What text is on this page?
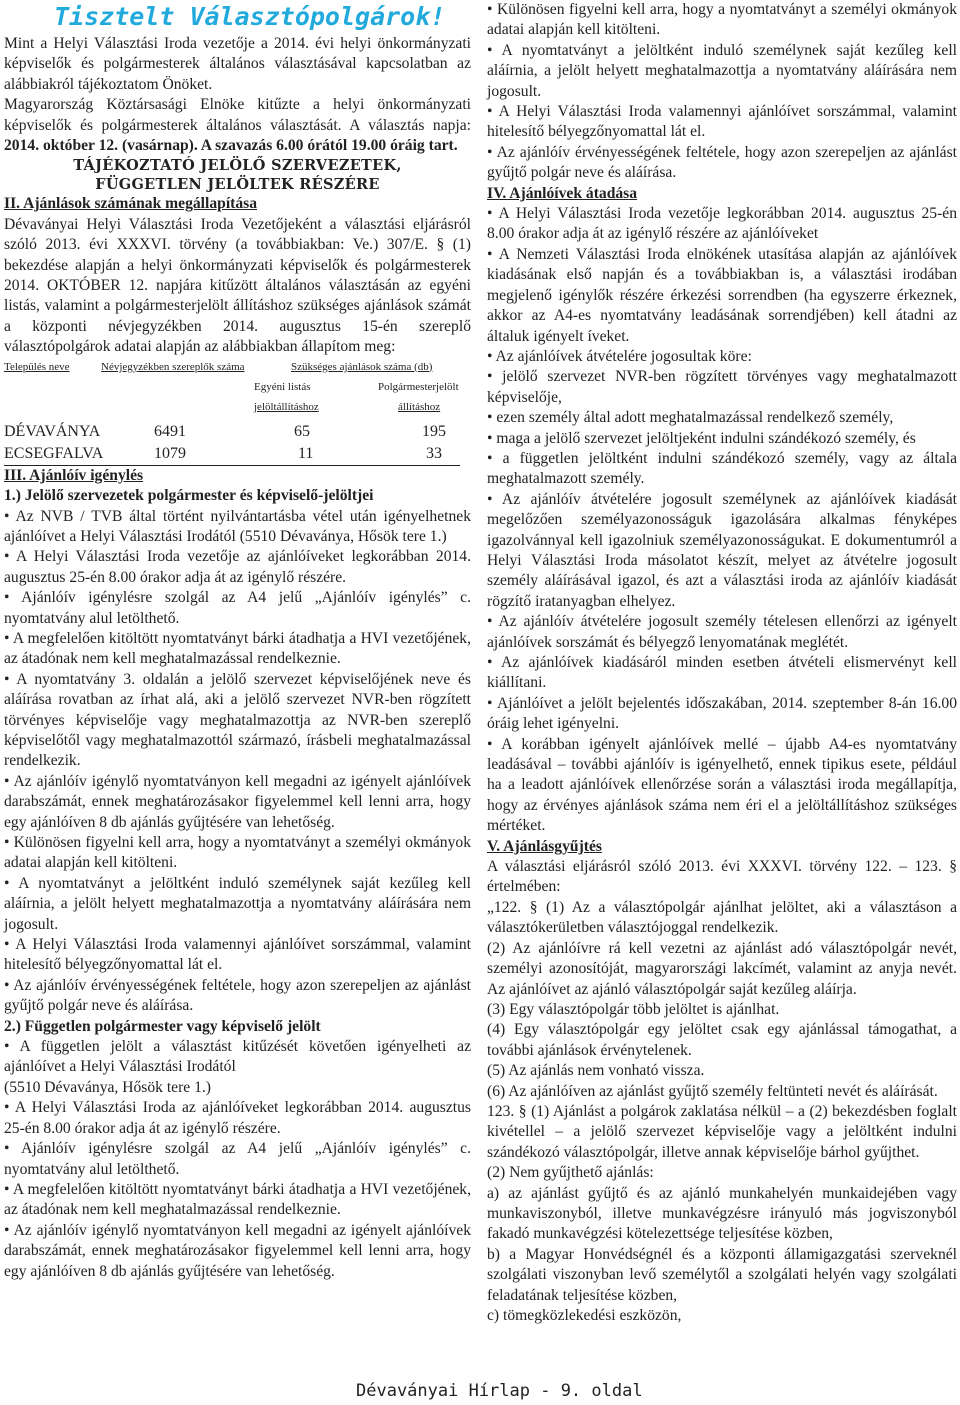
Tisztelt Választópolgárok!

Mint a Helyi Választási Iroda vezetője a 2014. évi helyi önkormányzati képviselők és polgármesterek általános választásával kapcsolatban az alábbiakról tájékoztatom Önöket.

Magyarország Köztársasági Elnöke kitűzte a helyi önkormányzati képviselők és polgármesterek általános választását. A választás napja: 2014. október 12. (vasárnap). A szavazás 6.00 órától 19.00 óráig tart.

TÁJÉKOZTATÓ JELÖLŐ SZERVEZETEK,

FÜGGETLEN JELÖLTEK RÉSZÉRE

II. Ajánlások számának megállapítása

Dévaványai Helyi Választási Iroda Vezetőjeként a választási eljárásról szóló 2013. évi XXXVI. törvény (a továbbiakban: Ve.) 307/E. § (1) bekezdése alapján a helyi önkormányzati képviselők és polgármesterek 2014. OKTÓBER 12. napjára kitűzött általános választásán az egyéni listás, valamint a polgármesterjelölt állításhoz szükséges ajánlások számát a központi névjegyzékben 2014. augusztus 15-én szereplő választópolgárok adatai alapján az alábbiakban állapítom meg:

Település neve	Névjegyzékben szereplők száma	Szükséges ajánlások száma (db)
Egyéni listás	Polgármesterjelölt
jelöltállításhoz	állításhoz
DÉVAVÁNYA	6491	65	195
ECSEGFALVA	1079	11	33

III. Ajánlóív igénylés

1.) Jelölő szervezetek polgármester és képviselő-jelöltjei

• Az NVB / TVB által történt nyilvántartásba vétel után igényelhetnek ajánlóívet a Helyi Választási Irodától (5510 Dévaványa, Hősök tere 1.)

• A Helyi Választási Iroda vezetője az ajánlóíveket legkorábban 2014. augusztus 25-én 8.00 órakor adja át az igénylő részére.

• Ajánlóív igénylésre szolgál az A4 jelű „Ajánlóív igénylés” c. nyomtatvány alul letölthető.

• A megfelelően kitöltött nyomtatványt bárki átadhatja a HVI vezetőjének, az átadónak nem kell meghatalmazással rendelkeznie.

• A nyomtatvány 3. oldalán a jelölő szervezet képviselőjének neve és aláírása rovatban az írhat alá, aki a jelölő szervezet NVR-ben rögzített törvényes képviselője vagy meghatalmazottja az NVR-ben szereplő képviselőtől vagy meghatalmazottól származó, írásbeli meghatalmazással rendelkezik.

• Az ajánlóív igénylő nyomtatványon kell megadni az igényelt ajánlóívek darabszámát, ennek meghatározásakor figyelemmel kell lenni arra, hogy egy ajánlóíven 8 db ajánlás gyűjtésére van lehetőség.

• Különösen figyelni kell arra, hogy a nyomtatványt a személyi okmányok adatai alapján kell kitölteni.

• A nyomtatványt a jelöltként induló személynek saját kezűleg kell aláírnia, a jelölt helyett meghatalmazottja a nyomtatvány aláírására nem jogosult.

• A Helyi Választási Iroda valamennyi ajánlóívet sorszámmal, valamint hitelesítő bélyegzőnyomattal lát el.

• Az ajánlóív érvényességének feltétele, hogy azon szerepeljen az ajánlást gyűjtő polgár neve és aláírása.

2.) Független polgármester vagy képviselő jelölt

• A független jelölt a választást kitűzését követően igényelheti az ajánlóívet a Helyi Választási Irodától

(5510 Dévaványa, Hősök tere 1.)

• A Helyi Választási Iroda az ajánlóíveket legkorábban 2014. augusztus 25-én 8.00 órakor adja át az igénylő részére.

• Ajánlóív igénylésre szolgál az A4 jelű „Ajánlóív igénylés” c. nyomtatvány alul letölthető.

• A megfelelően kitöltött nyomtatványt bárki átadhatja a HVI vezetőjének, az átadónak nem kell meghatalmazással rendelkeznie.

• Az ajánlóív igénylő nyomtatványon kell megadni az igényelt ajánlóívek darabszámát, ennek meghatározásakor figyelemmel kell lenni arra, hogy egy ajánlóíven 8 db ajánlás gyűjtésére van lehetőség.

• Különösen figyelni kell arra, hogy a nyomtatványt a személyi okmányok adatai alapján kell kitölteni.

• A nyomtatványt a jelöltként induló személynek saját kezűleg kell aláírnia, a jelölt helyett meghatalmazottja a nyomtatvány aláírására nem jogosult.

• A Helyi Választási Iroda valamennyi ajánlóívet sorszámmal, valamint hitelesítő bélyegzőnyomattal lát el.

• Az ajánlóív érvényességének feltétele, hogy azon szerepeljen az ajánlást gyűjtő polgár neve és aláírása.

IV. Ajánlóívek átadása

• A Helyi Választási Iroda vezetője legkorábban 2014. augusztus 25-én 8.00 órakor adja át az igénylő részére az ajánlóíveket

• A Nemzeti Választási Iroda elnökének utasítása alapján az ajánlóívek kiadásának első napján és a továbbiakban is, a választási irodában megjelenő igénylők részére érkezési sorrendben (ha egyszerre érkeznek, akkor az A4-es nyomtatvány leadásának sorrendjében) kell átadni az általuk igényelt íveket.

• Az ajánlóívek átvételére jogosultak köre:

• jelölő szervezet NVR-ben rögzített törvényes vagy meghatalmazott képviselője,

• ezen személy által adott meghatalmazással rendelkező személy,

• maga a jelölő szervezet jelöltjeként indulni szándékozó személy, és

• a független jelöltként indulni szándékozó személy, vagy az általa meghatalmazott személy.

• Az ajánlóív átvételére jogosult személynek az ajánlóívek kiadását megelőzően személyazonosságuk igazolására alkalmas fényképes igazolvánnyal kell igazolniuk személyazonosságukat. E dokumentumról a Helyi Választási Iroda másolatot készít, melyet az átvételre jogosult személy aláírásával igazol, és azt a választási iroda az ajánlóív kiadását rögzítő iratanyagban elhelyez.

• Az ajánlóív átvételére jogosult személy tételesen ellenőrzi az igényelt ajánlóívek sorszámát és bélyegző lenyomatának meglétét.

• Az ajánlóívek kiadásáról minden esetben átvételi elismervényt kell kiállítani.

• Ajánlóívet a jelölt bejelentés időszakában, 2014. szeptember 8-án 16.00 óráig lehet igényelni.

• A korábban igényelt ajánlóívek mellé – újabb A4-es nyomtatvány leadásával – további ajánlóív is igényelhető, ennek tipikus esete, például ha a leadott ajánlóívek ellenőrzése során a választási iroda megállapítja, hogy az érvényes ajánlások száma nem éri el a jelöltállításhoz szükséges mértéket.

V. Ajánlásgyűjtés

A választási eljárásról szóló 2013. évi XXXVI. törvény 122. – 123. § értelmében:

„122. § (1) Az a választópolgár ajánlhat jelöltet, aki a választáson a választókerületben választójoggal rendelkezik.

(2) Az ajánlóívre rá kell vezetni az ajánlást adó választópolgár nevét, személyi azonosítóját, magyarországi lakcímét, valamint az anyja nevét. Az ajánlóívet az ajánló választópolgár saját kezűleg aláírja.

(3) Egy választópolgár több jelöltet is ajánlhat.

(4) Egy választópolgár egy jelöltet csak egy ajánlással támogathat, a további ajánlások érvénytelenek.

(5) Az ajánlás nem vonható vissza.

(6) Az ajánlóíven az ajánlást gyűjtő személy feltünteti nevét és aláírását.

123. § (1) Ajánlást a polgárok zaklatása nélkül – a (2) bekezdésben foglalt kivétellel – a jelölő szervezet képviselője vagy a jelöltként indulni szándékozó választópolgár, illetve annak képviselője bárhol gyűjthet.

(2) Nem gyűjthető ajánlás:

a) az ajánlást gyűjtő és az ajánló munkahelyén munkaidejében vagy munkaviszonyból, illetve munkavégzésre irányuló más jogviszonyból fakadó munkavégzési kötelezettsége teljesítése közben,

b) a Magyar Honvédségnél és a központi államigazgatási szerveknél szolgálati viszonyban levő személytől a szolgálati helyén vagy szolgálati feladatának teljesítése közben,

c) tömegközlekedési eszközön,

Dévaványai Hírlap - 9. oldal
